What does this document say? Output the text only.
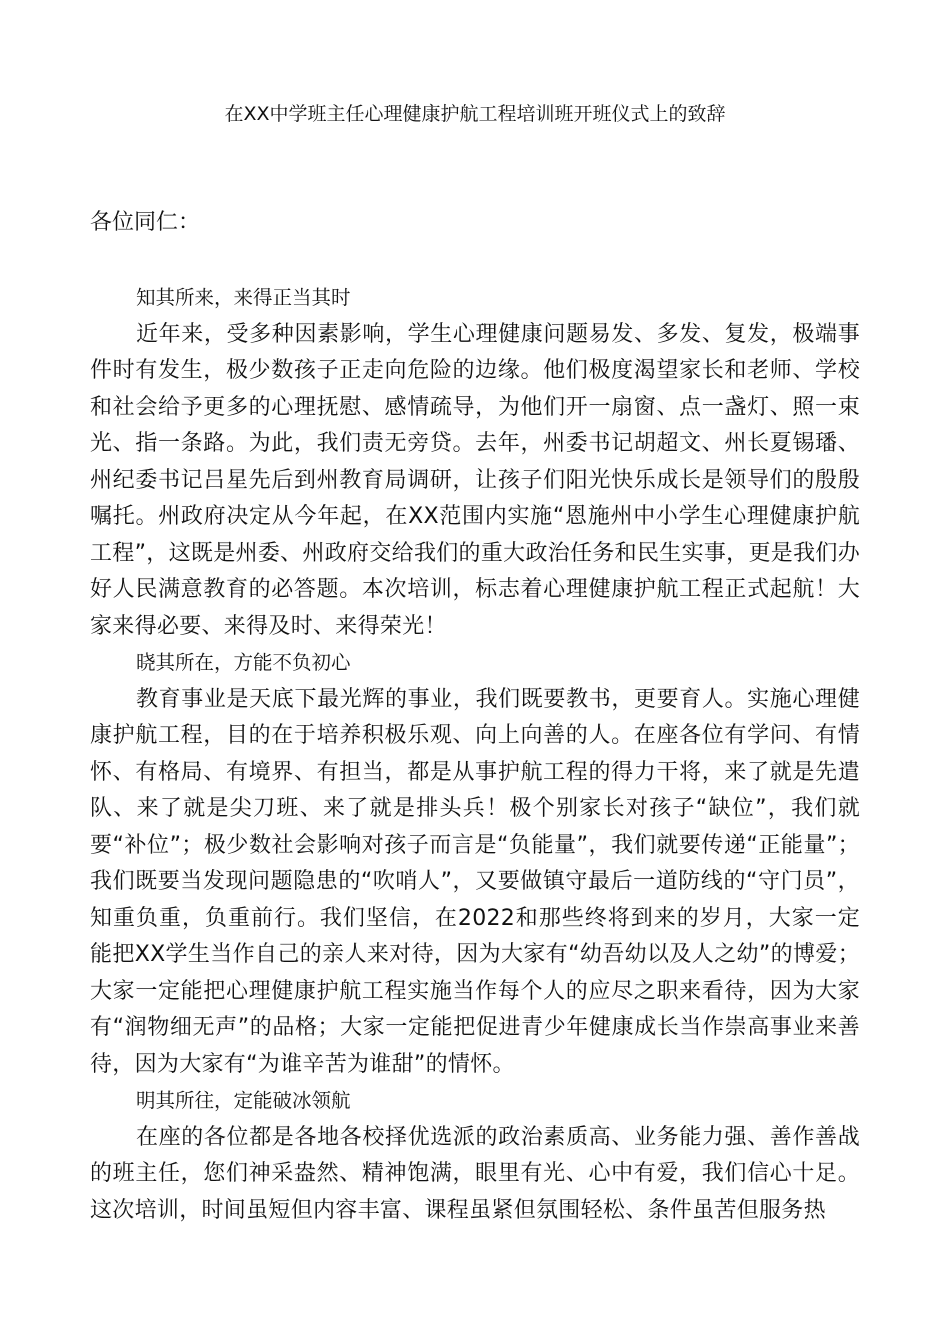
在XX中学班主任心理健康护航工程培训班开班仪式上的致辞
各位同仁：

知其所来，来得正当其时

近年来，受多种因素影响，学生心理健康问题易发、多发、复发，极端事件时有发生，极少数孩子正走向危险的边缘。他们极度渴望家长和老师、学校和社会给予更多的心理抚慰、感情疏导，为他们开一扇窗、点一盏灯、照一束光、指一条路。为此，我们责无旁贷。去年，州委书记胡超文、州长夏锡璠、州纪委书记吕星先后到州教育局调研，让孩子们阳光快乐成长是领导们的殷殷嘱托。州政府决定从今年起，在XX范围内实施“恩施州中小学生心理健康护航工程”，这既是州委、州政府交给我们的重大政治任务和民生实事，更是我们办好人民满意教育的必答题。本次培训，标志着心理健康护航工程正式起航！大家来得必要、来得及时、来得荣光！

晓其所在，方能不负初心

教育事业是天底下最光辉的事业，我们既要教书，更要育人。实施心理健康护航工程，目的在于培养积极乐观、向上向善的人。在座各位有学问、有情怀、有格局、有境界、有担当，都是从事护航工程的得力干将，来了就是先遣队、来了就是尖刀班、来了就是排头兵！极个别家长对孩子“缺位”，我们就要“补位”；极少数社会影响对孩子而言是“负能量”，我们就要传递“正能量”；我们既要当发现问题隐患的“吹哨人”，又要做镇守最后一道防线的“守门员”，知重负重，负重前行。我们坚信，在2022和那些终将到来的岁月，大家一定能把XX学生当作自己的亲人来对待，因为大家有“幼吾幼以及人之幼”的博爱；大家一定能把心理健康护航工程实施当作每个人的应尽之职来看待，因为大家有“润物细无声”的品格；大家一定能把促进青少年健康成长当作崇高事业来善待，因为大家有“为谁辛苦为谁甜”的情怀。

明其所往，定能破冰领航

在座的各位都是各地各校择优选派的政治素质高、业务能力强、善作善战的班主任，您们神采盎然、精神饱满，眼里有光、心中有爱，我们信心十足。这次培训，时间虽短但内容丰富、课程虽紧但氛围轻松、条件虽苦但服务热
